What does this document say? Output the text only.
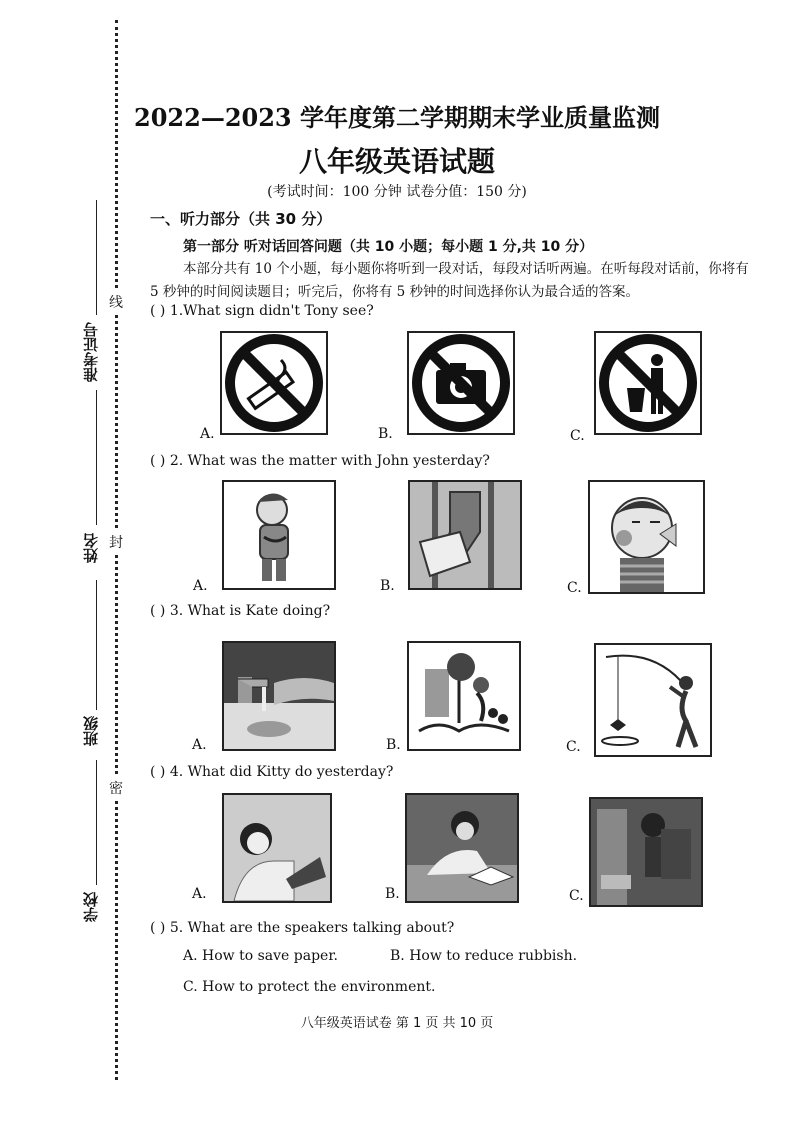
准考证号
姓名
班级
学校
线
封
密
2022—2023 学年度第二学期期末学业质量监测
八年级英语试题
(考试时间：100 分钟 试卷分值：150 分)
一、听力部分（共 30 分）
第一部分 听对话回答问题（共 10 小题；每小题 1 分,共 10 分）
本部分共有 10 个小题，每小题你将听到一段对话，每段对话听两遍。在听每段对话前，你将有 5 秒钟的时间阅读题目；听完后，你将有 5 秒钟的时间选择你认为最合适的答案。
( ) 1.What sign didn't Tony see?
A.	B.	C.
( ) 2. What was the matter with John yesterday?
A.	B.	C.
( ) 3. What is Kate doing?
A.	B.	C.
( ) 4. What did Kitty do yesterday?
A.	B.	C.
( ) 5. What are the speakers talking about?
A. How to save paper.	B. How to reduce rubbish.
C. How to protect the environment.
八年级英语试卷 第 1 页 共 10 页
